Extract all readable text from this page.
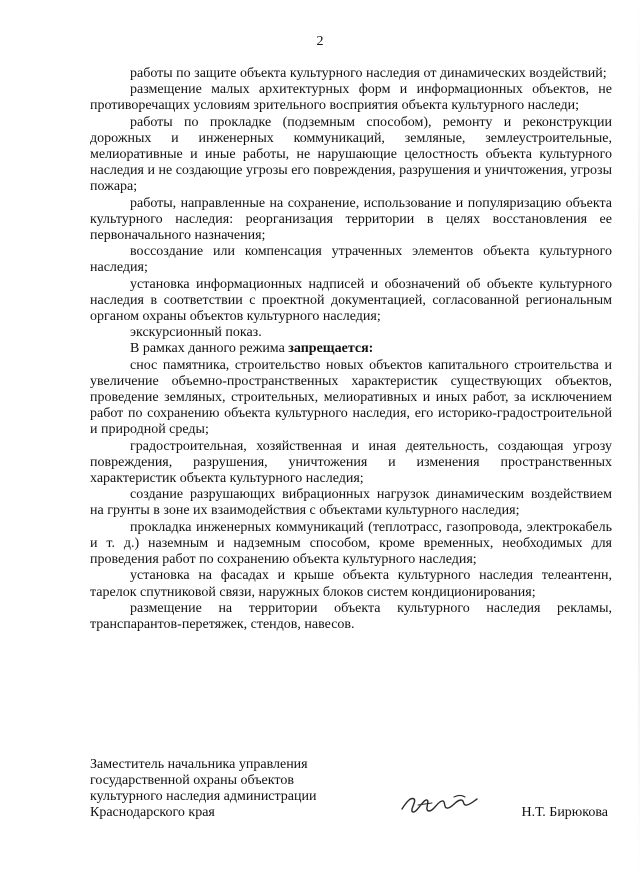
2

работы по защите объекта культурного наследия от динамических воздействий;

размещение малых архитектурных форм и информационных объектов, не противоречащих условиям зрительного восприятия объекта культурного наследи;

работы по прокладке (подземным способом), ремонту и реконструкции дорожных и инженерных коммуникаций, земляные, землеустроительные, мелиоративные и иные работы, не нарушающие целостность объекта культурного наследия и не создающие угрозы его повреждения, разрушения и уничтожения, угрозы пожара;

работы, направленные на сохранение, использование и популяризацию объекта культурного наследия: реорганизация территории в целях восстановления ее первоначального назначения;

воссоздание или компенсация утраченных элементов объекта культурного наследия;

установка информационных надписей и обозначений об объекте культурного наследия в соответствии с проектной документацией, согласованной региональным органом охраны объектов культурного наследия;

экскурсионный показ.

В рамках данного режима запрещается:

снос памятника, строительство новых объектов капитального строительства и увеличение объемно-пространственных характеристик существующих объектов, проведение земляных, строительных, мелиоративных и иных работ, за исключением работ по сохранению объекта культурного наследия, его историко-градостроительной и природной среды;

градостроительная, хозяйственная и иная деятельность, создающая угрозу повреждения, разрушения, уничтожения и изменения пространственных характеристик объекта культурного наследия;

создание разрушающих вибрационных нагрузок динамическим воздействием на грунты в зоне их взаимодействия с объектами культурного наследия;

прокладка инженерных коммуникаций (теплотрасс, газопровода, электрокабель и т. д.) наземным и надземным способом, кроме временных, необходимых для проведения работ по сохранению объекта культурного наследия;

установка на фасадах и крыше объекта культурного наследия телеантенн, тарелок спутниковой связи, наружных блоков систем кондиционирования;

размещение на территории объекта культурного наследия рекламы, транспарантов-перетяжек, стендов, навесов.

Заместитель начальника управления
государственной охраны объектов
культурного наследия администрации
Краснодарского края	Н.Т. Бирюкова
